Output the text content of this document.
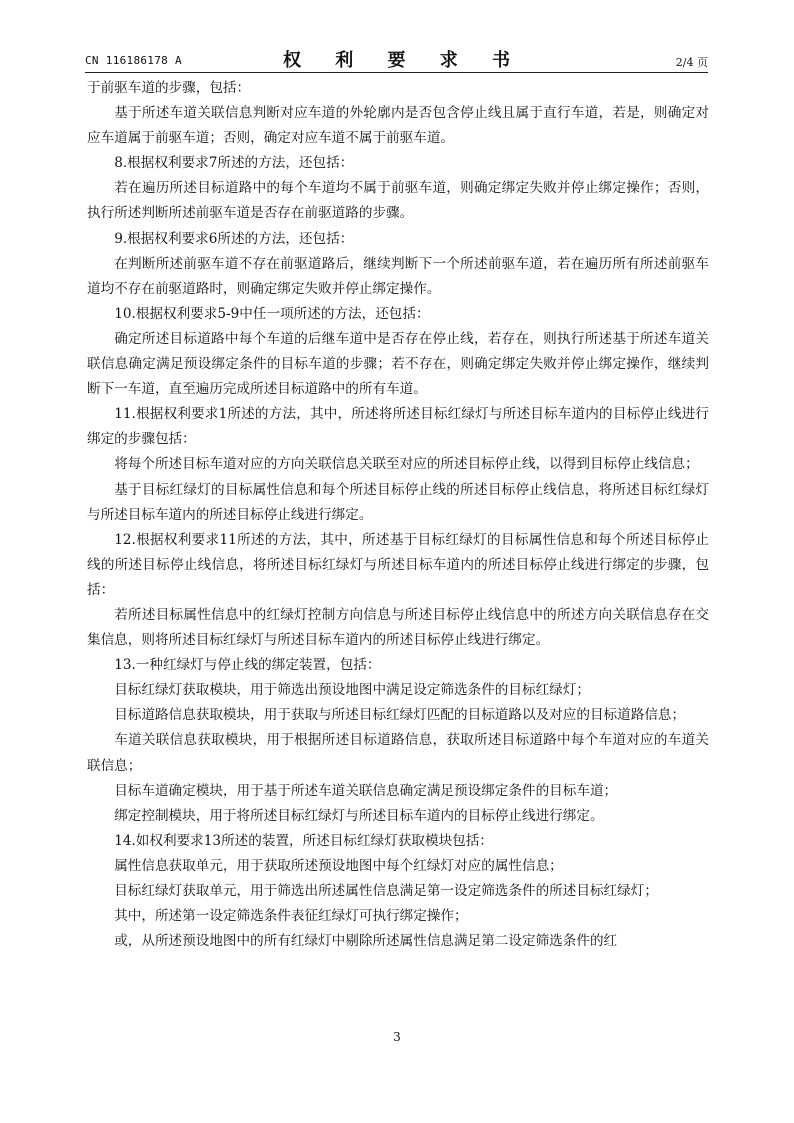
CN 116186178 A	权 利 要 求 书	2/4 页

于前驱车道的步骤，包括：

基于所述车道关联信息判断对应车道的外轮廓内是否包含停止线且属于直行车道，若是，则确定对应车道属于前驱车道；否则，确定对应车道不属于前驱车道。

8.根据权利要求7所述的方法，还包括：

若在遍历所述目标道路中的每个车道均不属于前驱车道，则确定绑定失败并停止绑定操作；否则，执行所述判断所述前驱车道是否存在前驱道路的步骤。

9.根据权利要求6所述的方法，还包括：

在判断所述前驱车道不存在前驱道路后，继续判断下一个所述前驱车道，若在遍历所有所述前驱车道均不存在前驱道路时，则确定绑定失败并停止绑定操作。

10.根据权利要求5-9中任一项所述的方法，还包括：

确定所述目标道路中每个车道的后继车道中是否存在停止线，若存在，则执行所述基于所述车道关联信息确定满足预设绑定条件的目标车道的步骤；若不存在，则确定绑定失败并停止绑定操作，继续判断下一车道，直至遍历完成所述目标道路中的所有车道。

11.根据权利要求1所述的方法，其中，所述将所述目标红绿灯与所述目标车道内的目标停止线进行绑定的步骤包括：

将每个所述目标车道对应的方向关联信息关联至对应的所述目标停止线，以得到目标停止线信息；

基于目标红绿灯的目标属性信息和每个所述目标停止线的所述目标停止线信息，将所述目标红绿灯与所述目标车道内的所述目标停止线进行绑定。

12.根据权利要求11所述的方法，其中，所述基于目标红绿灯的目标属性信息和每个所述目标停止线的所述目标停止线信息，将所述目标红绿灯与所述目标车道内的所述目标停止线进行绑定的步骤，包括：

若所述目标属性信息中的红绿灯控制方向信息与所述目标停止线信息中的所述方向关联信息存在交集信息，则将所述目标红绿灯与所述目标车道内的所述目标停止线进行绑定。

13.一种红绿灯与停止线的绑定装置，包括：

目标红绿灯获取模块，用于筛选出预设地图中满足设定筛选条件的目标红绿灯；

目标道路信息获取模块，用于获取与所述目标红绿灯匹配的目标道路以及对应的目标道路信息；

车道关联信息获取模块，用于根据所述目标道路信息，获取所述目标道路中每个车道对应的车道关联信息；

目标车道确定模块，用于基于所述车道关联信息确定满足预设绑定条件的目标车道；

绑定控制模块，用于将所述目标红绿灯与所述目标车道内的目标停止线进行绑定。

14.如权利要求13所述的装置，所述目标红绿灯获取模块包括：

属性信息获取单元，用于获取所述预设地图中每个红绿灯对应的属性信息；

目标红绿灯获取单元，用于筛选出所述属性信息满足第一设定筛选条件的所述目标红绿灯；

其中，所述第一设定筛选条件表征红绿灯可执行绑定操作；

或，从所述预设地图中的所有红绿灯中剔除所述属性信息满足第二设定筛选条件的红

3
